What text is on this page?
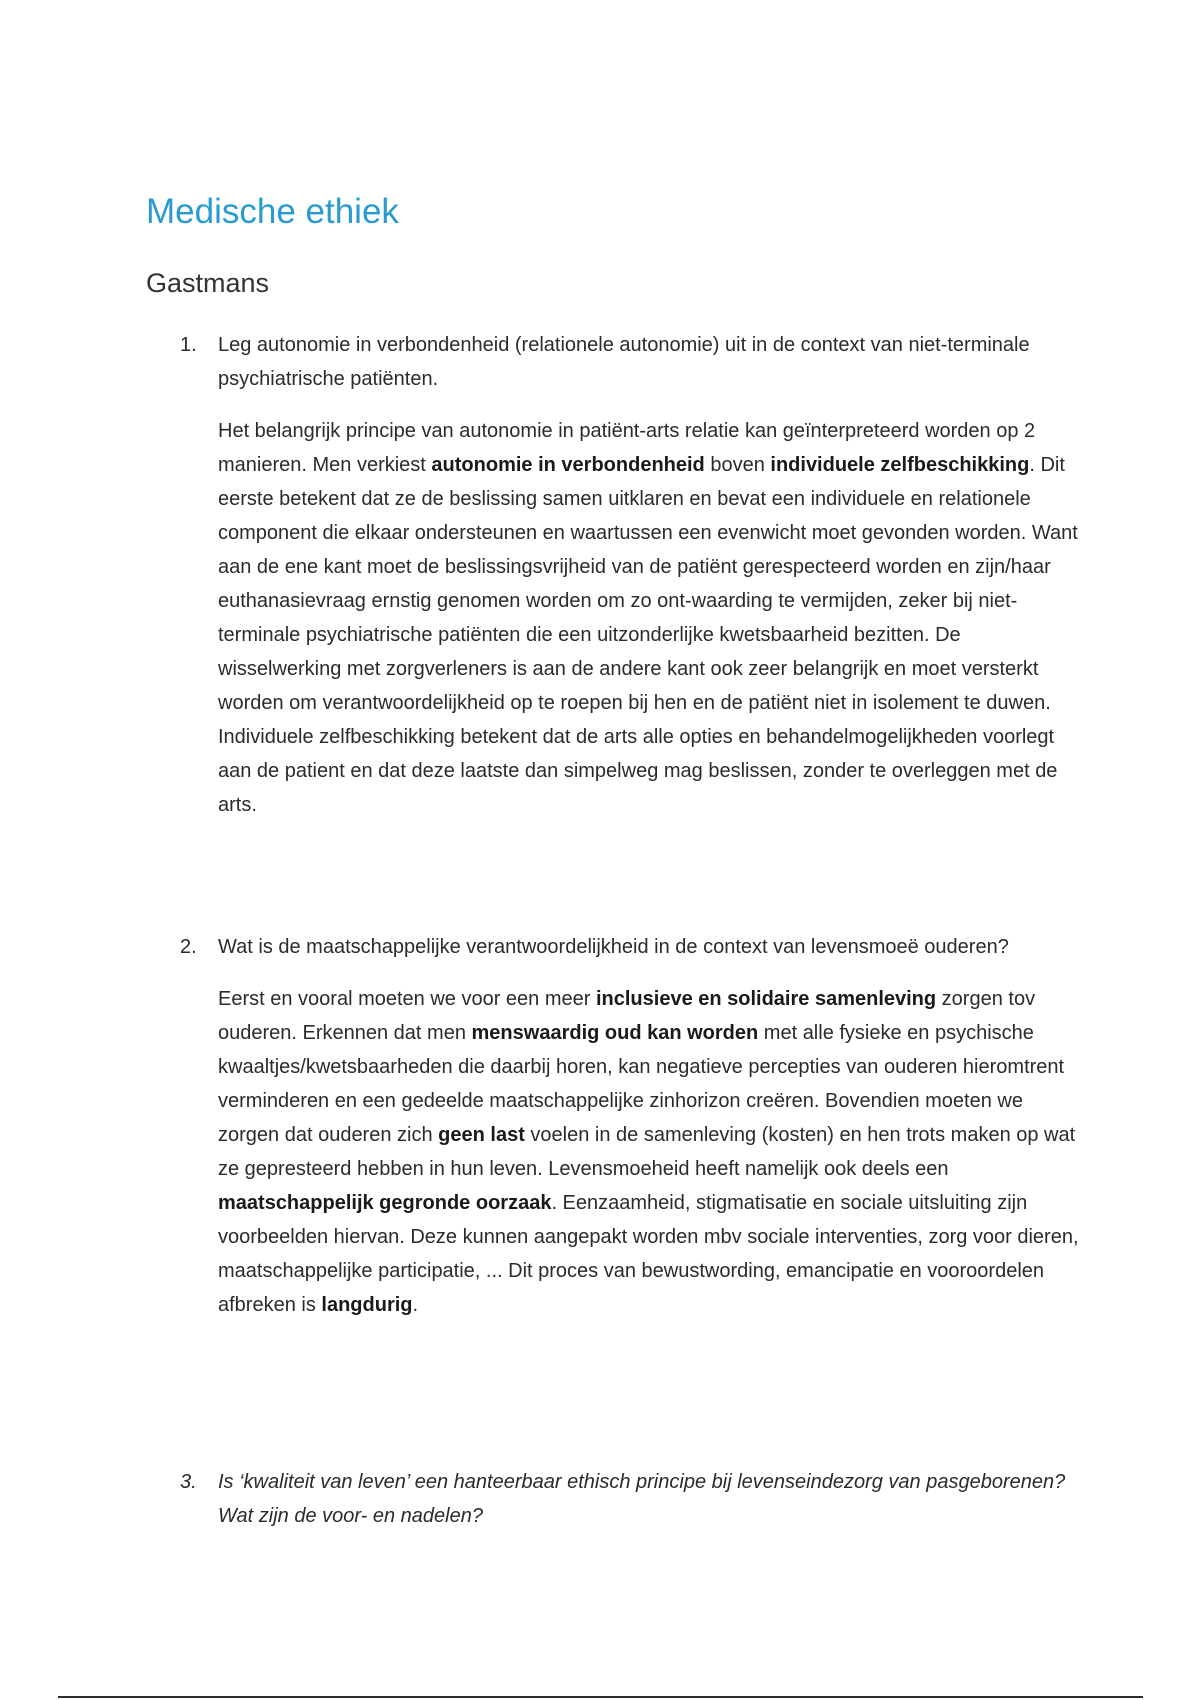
Medische ethiek
Gastmans
1.	Leg autonomie in verbondenheid (relationele autonomie) uit in de context van niet-terminale psychiatrische patiënten.
Het belangrijk principe van autonomie in patiënt-arts relatie kan geïnterpreteerd worden op 2 manieren. Men verkiest autonomie in verbondenheid boven individuele zelfbeschikking. Dit eerste betekent dat ze de beslissing samen uitklaren en bevat een individuele en relationele component die elkaar ondersteunen en waartussen een evenwicht moet gevonden worden. Want aan de ene kant moet de beslissingsvrijheid van de patiënt gerespecteerd worden en zijn/haar euthanasievraag ernstig genomen worden om zo ont-waarding te vermijden, zeker bij niet-terminale psychiatrische patiënten die een uitzonderlijke kwetsbaarheid bezitten. De wisselwerking met zorgverleners is aan de andere kant ook zeer belangrijk en moet versterkt worden om verantwoordelijkheid op te roepen bij hen en de patiënt niet in isolement te duwen. Individuele zelfbeschikking betekent dat de arts alle opties en behandelmogelijkheden voorlegt aan de patient en dat deze laatste dan simpelweg mag beslissen, zonder te overleggen met de arts.
2.	Wat is de maatschappelijke verantwoordelijkheid in de context van levensmoeë ouderen?
Eerst en vooral moeten we voor een meer inclusieve en solidaire samenleving zorgen tov ouderen. Erkennen dat men menswaardig oud kan worden met alle fysieke en psychische kwaaltjes/kwetsbaarheden die daarbij horen, kan negatieve percepties van ouderen hieromtrent verminderen en een gedeelde maatschappelijke zinhorizon creëren. Bovendien moeten we zorgen dat ouderen zich geen last voelen in de samenleving (kosten) en hen trots maken op wat ze gepresteerd hebben in hun leven. Levensmoeheid heeft namelijk ook deels een maatschappelijk gegronde oorzaak. Eenzaamheid, stigmatisatie en sociale uitsluiting zijn voorbeelden hiervan. Deze kunnen aangepakt worden mbv sociale interventies, zorg voor dieren, maatschappelijke participatie, ... Dit proces van bewustwording, emancipatie en vooroordelen afbreken is langdurig.
3.	Is ‘kwaliteit van leven’ een hanteerbaar ethisch principe bij levenseindezorg van pasgeborenen? Wat zijn de voor- en nadelen?
